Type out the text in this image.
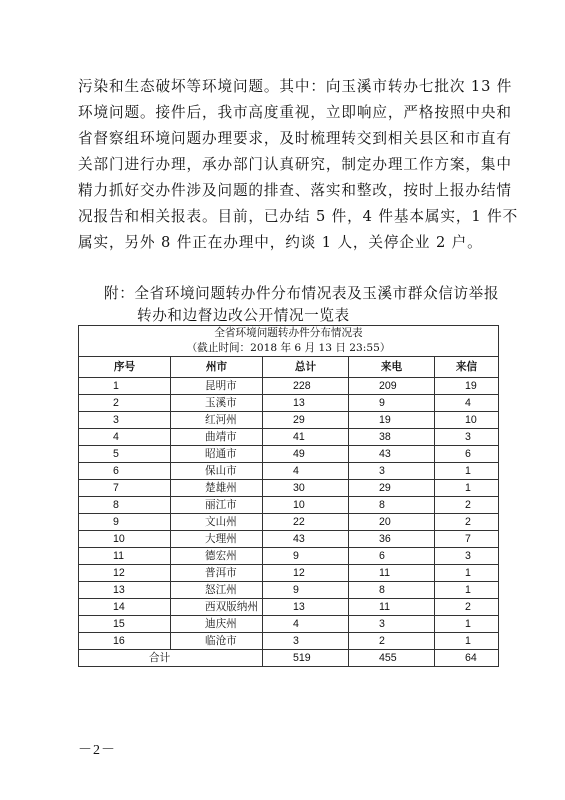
污染和生态破坏等环境问题。其中：向玉溪市转办七批次 13 件
环境问题。接件后，我市高度重视，立即响应，严格按照中央和
省督察组环境问题办理要求，及时梳理转交到相关县区和市直有
关部门进行办理，承办部门认真研究，制定办理工作方案，集中
精力抓好交办件涉及问题的排查、落实和整改，按时上报办结情
况报告和相关报表。目前，已办结 5 件，4 件基本属实，1 件不
属实，另外 8 件正在办理中，约谈 1 人，关停企业 2 户。
附：全省环境问题转办件分布情况表及玉溪市群众信访举报
转办和边督边改公开情况一览表
全省环境问题转办件分布情况表
（截止时间：2018 年 6 月 13 日 23:55）				

序号	州市	总计	来电	来信
1	昆明市	228	209	19
2	玉溪市	13	9	4
3	红河州	29	19	10
4	曲靖市	41	38	3
5	昭通市	49	43	6
6	保山市	4	3	1
7	楚雄州	30	29	1
8	丽江市	10	8	2
9	文山州	22	20	2
10	大理州	43	36	7
11	德宏州	9	6	3
12	普洱市	12	11	1
13	怒江州	9	8	1
14	西双版纳州	13	11	2
15	迪庆州	4	3	1
16	临沧市	3	2	1
合计		519	455	64
－2－
